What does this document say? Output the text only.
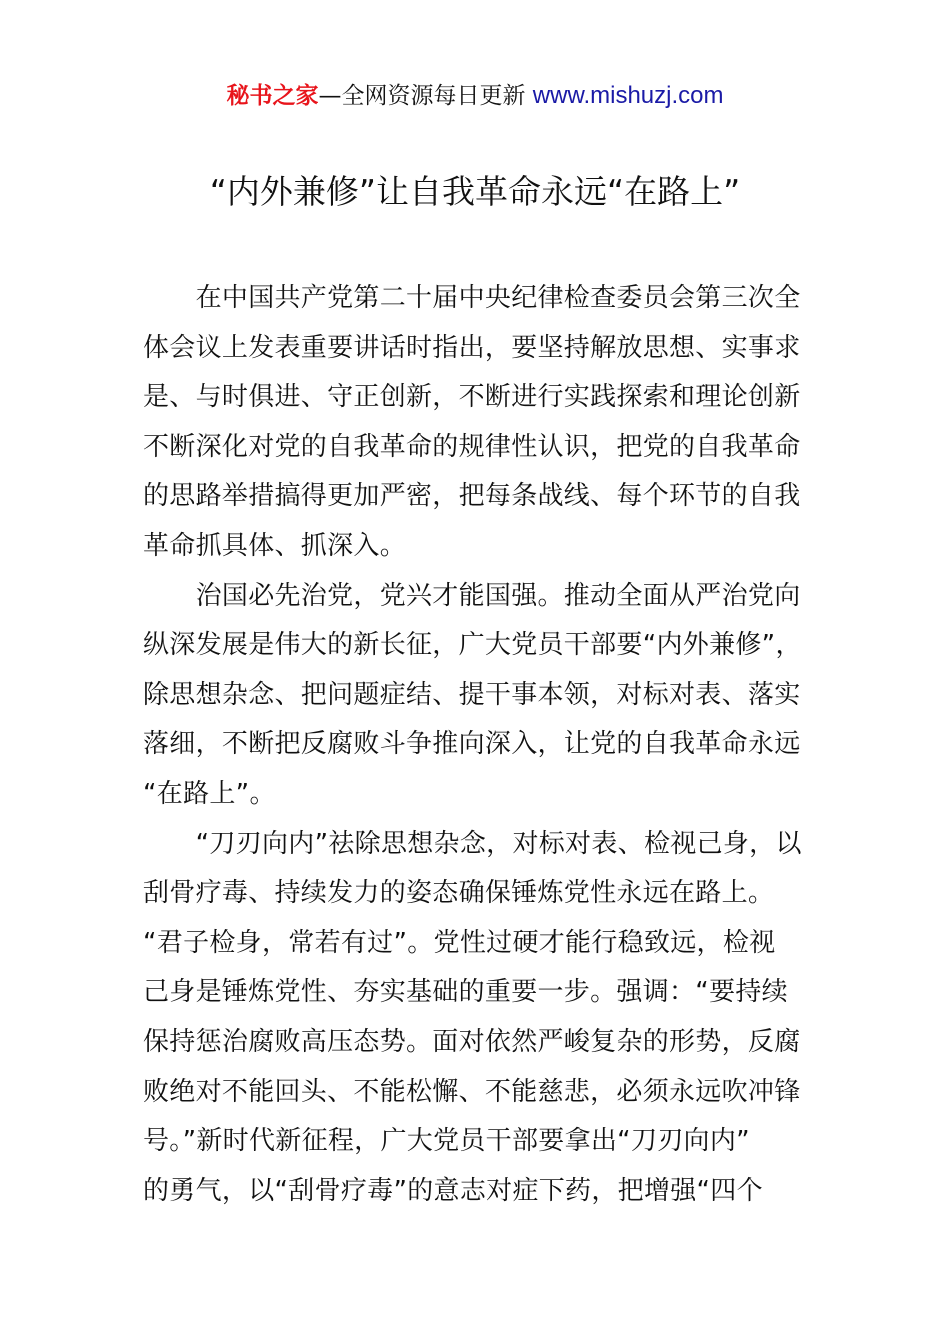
秘书之家—全网资源每日更新 www.mishuzj.com
“内外兼修”让自我革命永远“在路上”

　　在中国共产党第二十届中央纪律检查委员会第三次全
体会议上发表重要讲话时指出，要坚持解放思想、实事求
是、与时俱进、守正创新，不断进行实践探索和理论创新
不断深化对党的自我革命的规律性认识，把党的自我革命
的思路举措搞得更加严密，把每条战线、每个环节的自我
革命抓具体、抓深入。

　　治国必先治党，党兴才能国强。推动全面从严治党向
纵深发展是伟大的新长征，广大党员干部要“内外兼修”，
除思想杂念、把问题症结、提干事本领，对标对表、落实
落细，不断把反腐败斗争推向深入，让党的自我革命永远
“在路上”。

　　“刀刃向内”祛除思想杂念，对标对表、检视己身，以
刮骨疗毒、持续发力的姿态确保锤炼党性永远在路上。
“君子检身，常若有过”。党性过硬才能行稳致远，检视
己身是锤炼党性、夯实基础的重要一步。强调：“要持续
保持惩治腐败高压态势。面对依然严峻复杂的形势，反腐
败绝对不能回头、不能松懈、不能慈悲，必须永远吹冲锋
号。”新时代新征程，广大党员干部要拿出“刀刃向内”
的勇气，以“刮骨疗毒”的意志对症下药，把增强“四个
